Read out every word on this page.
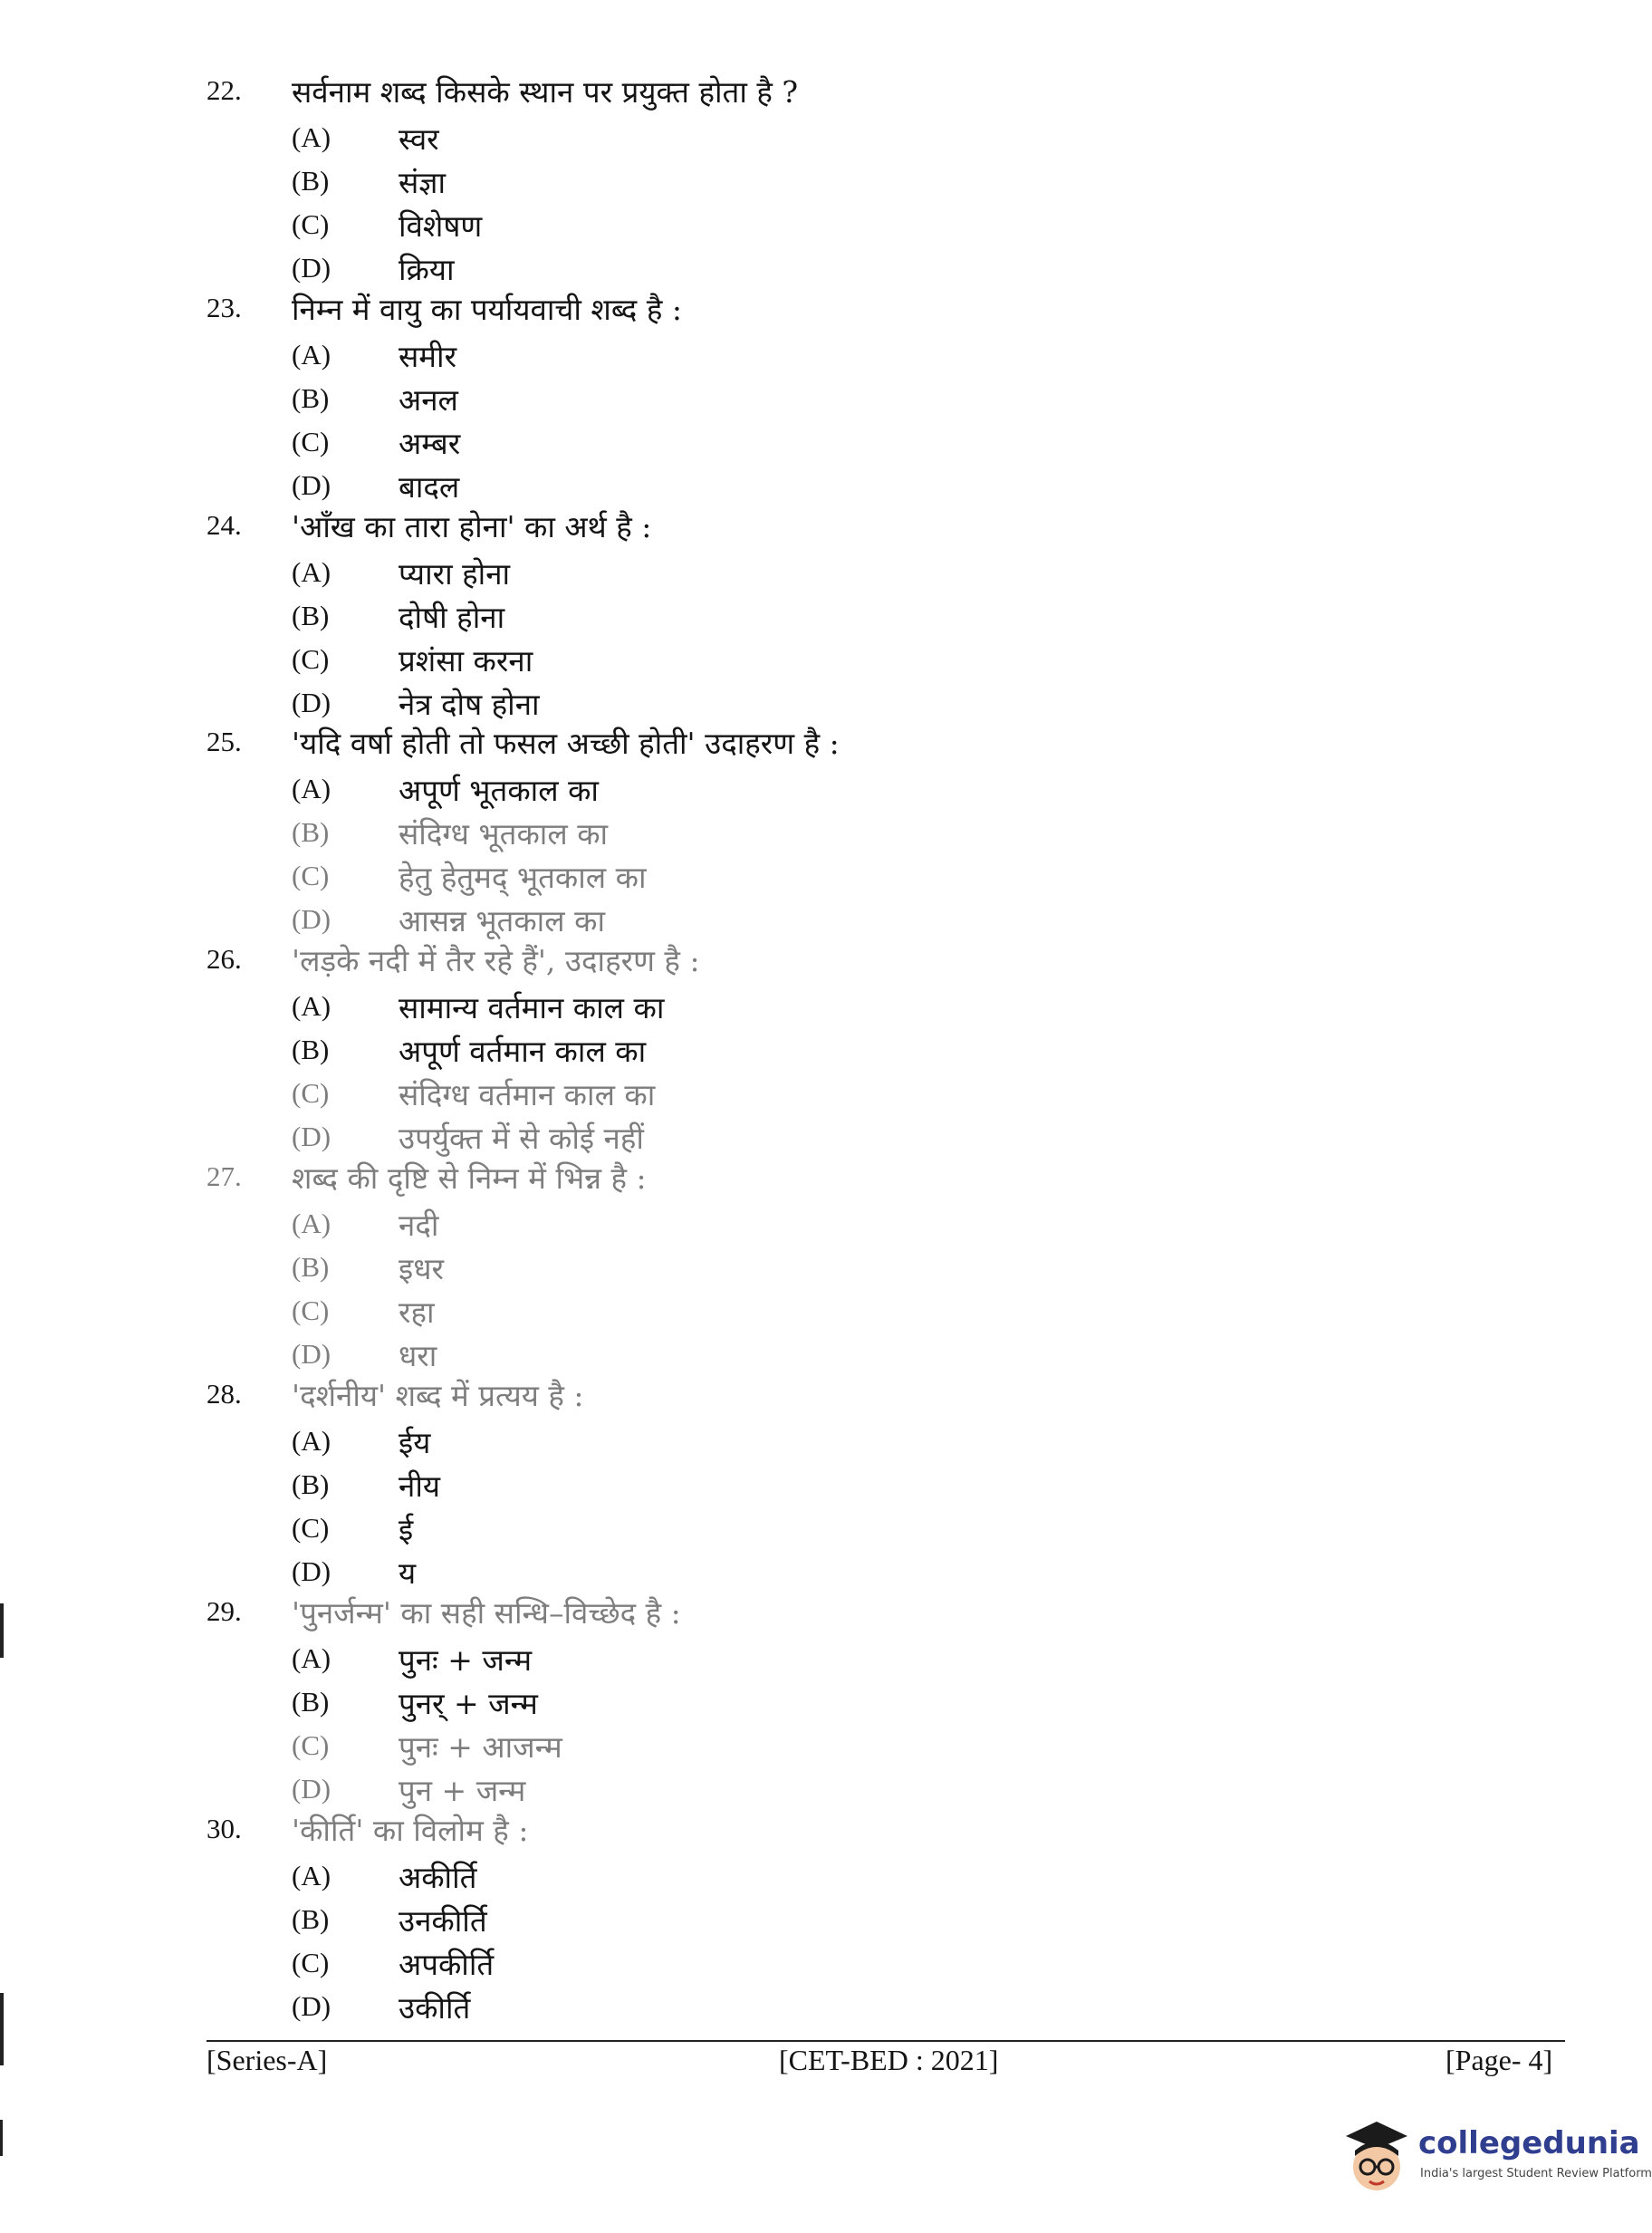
22. सर्वनाम शब्द किसके स्थान पर प्रयुक्त होता है ?
(A) स्वर
(B) संज्ञा
(C) विशेषण
(D) क्रिया
23. निम्न में वायु का पर्यायवाची शब्द है :
(A) समीर
(B) अनल
(C) अम्बर
(D) बादल
24. 'आँख का तारा होना' का अर्थ है :
(A) प्यारा होना
(B) दोषी होना
(C) प्रशंसा करना
(D) नेत्र दोष होना
25. 'यदि वर्षा होती तो फसल अच्छी होती' उदाहरण है :
(A) अपूर्ण भूतकाल का
(B) संदिग्ध भूतकाल का
(C) हेतु हेतुमद् भूतकाल का
(D) आसन्न भूतकाल का
26. 'लड़के नदी में तैर रहे हैं', उदाहरण है :
(A) सामान्य वर्तमान काल का
(B) अपूर्ण वर्तमान काल का
(C) संदिग्ध वर्तमान काल का
(D) उपर्युक्त में से कोई नहीं
27. शब्द की दृष्टि से निम्न में भिन्न है :
(A) नदी
(B) इधर
(C) रहा
(D) धरा
28. 'दर्शनीय' शब्द में प्रत्यय है :
(A) ईय
(B) नीय
(C) ई
(D) य
29. 'पुनर्जन्म' का सही सन्धि–विच्छेद है :
(A) पुनः + जन्म
(B) पुनर् + जन्म
(C) पुनः + आजन्म
(D) पुन + जन्म
30. 'कीर्ति' का विलोम है :
(A) अकीर्ति
(B) उनकीर्ति
(C) अपकीर्ति
(D) उकीर्ति
[Series-A]	[CET-BED : 2021]	[Page- 4]
collegedunia
India's largest Student Review Platform
